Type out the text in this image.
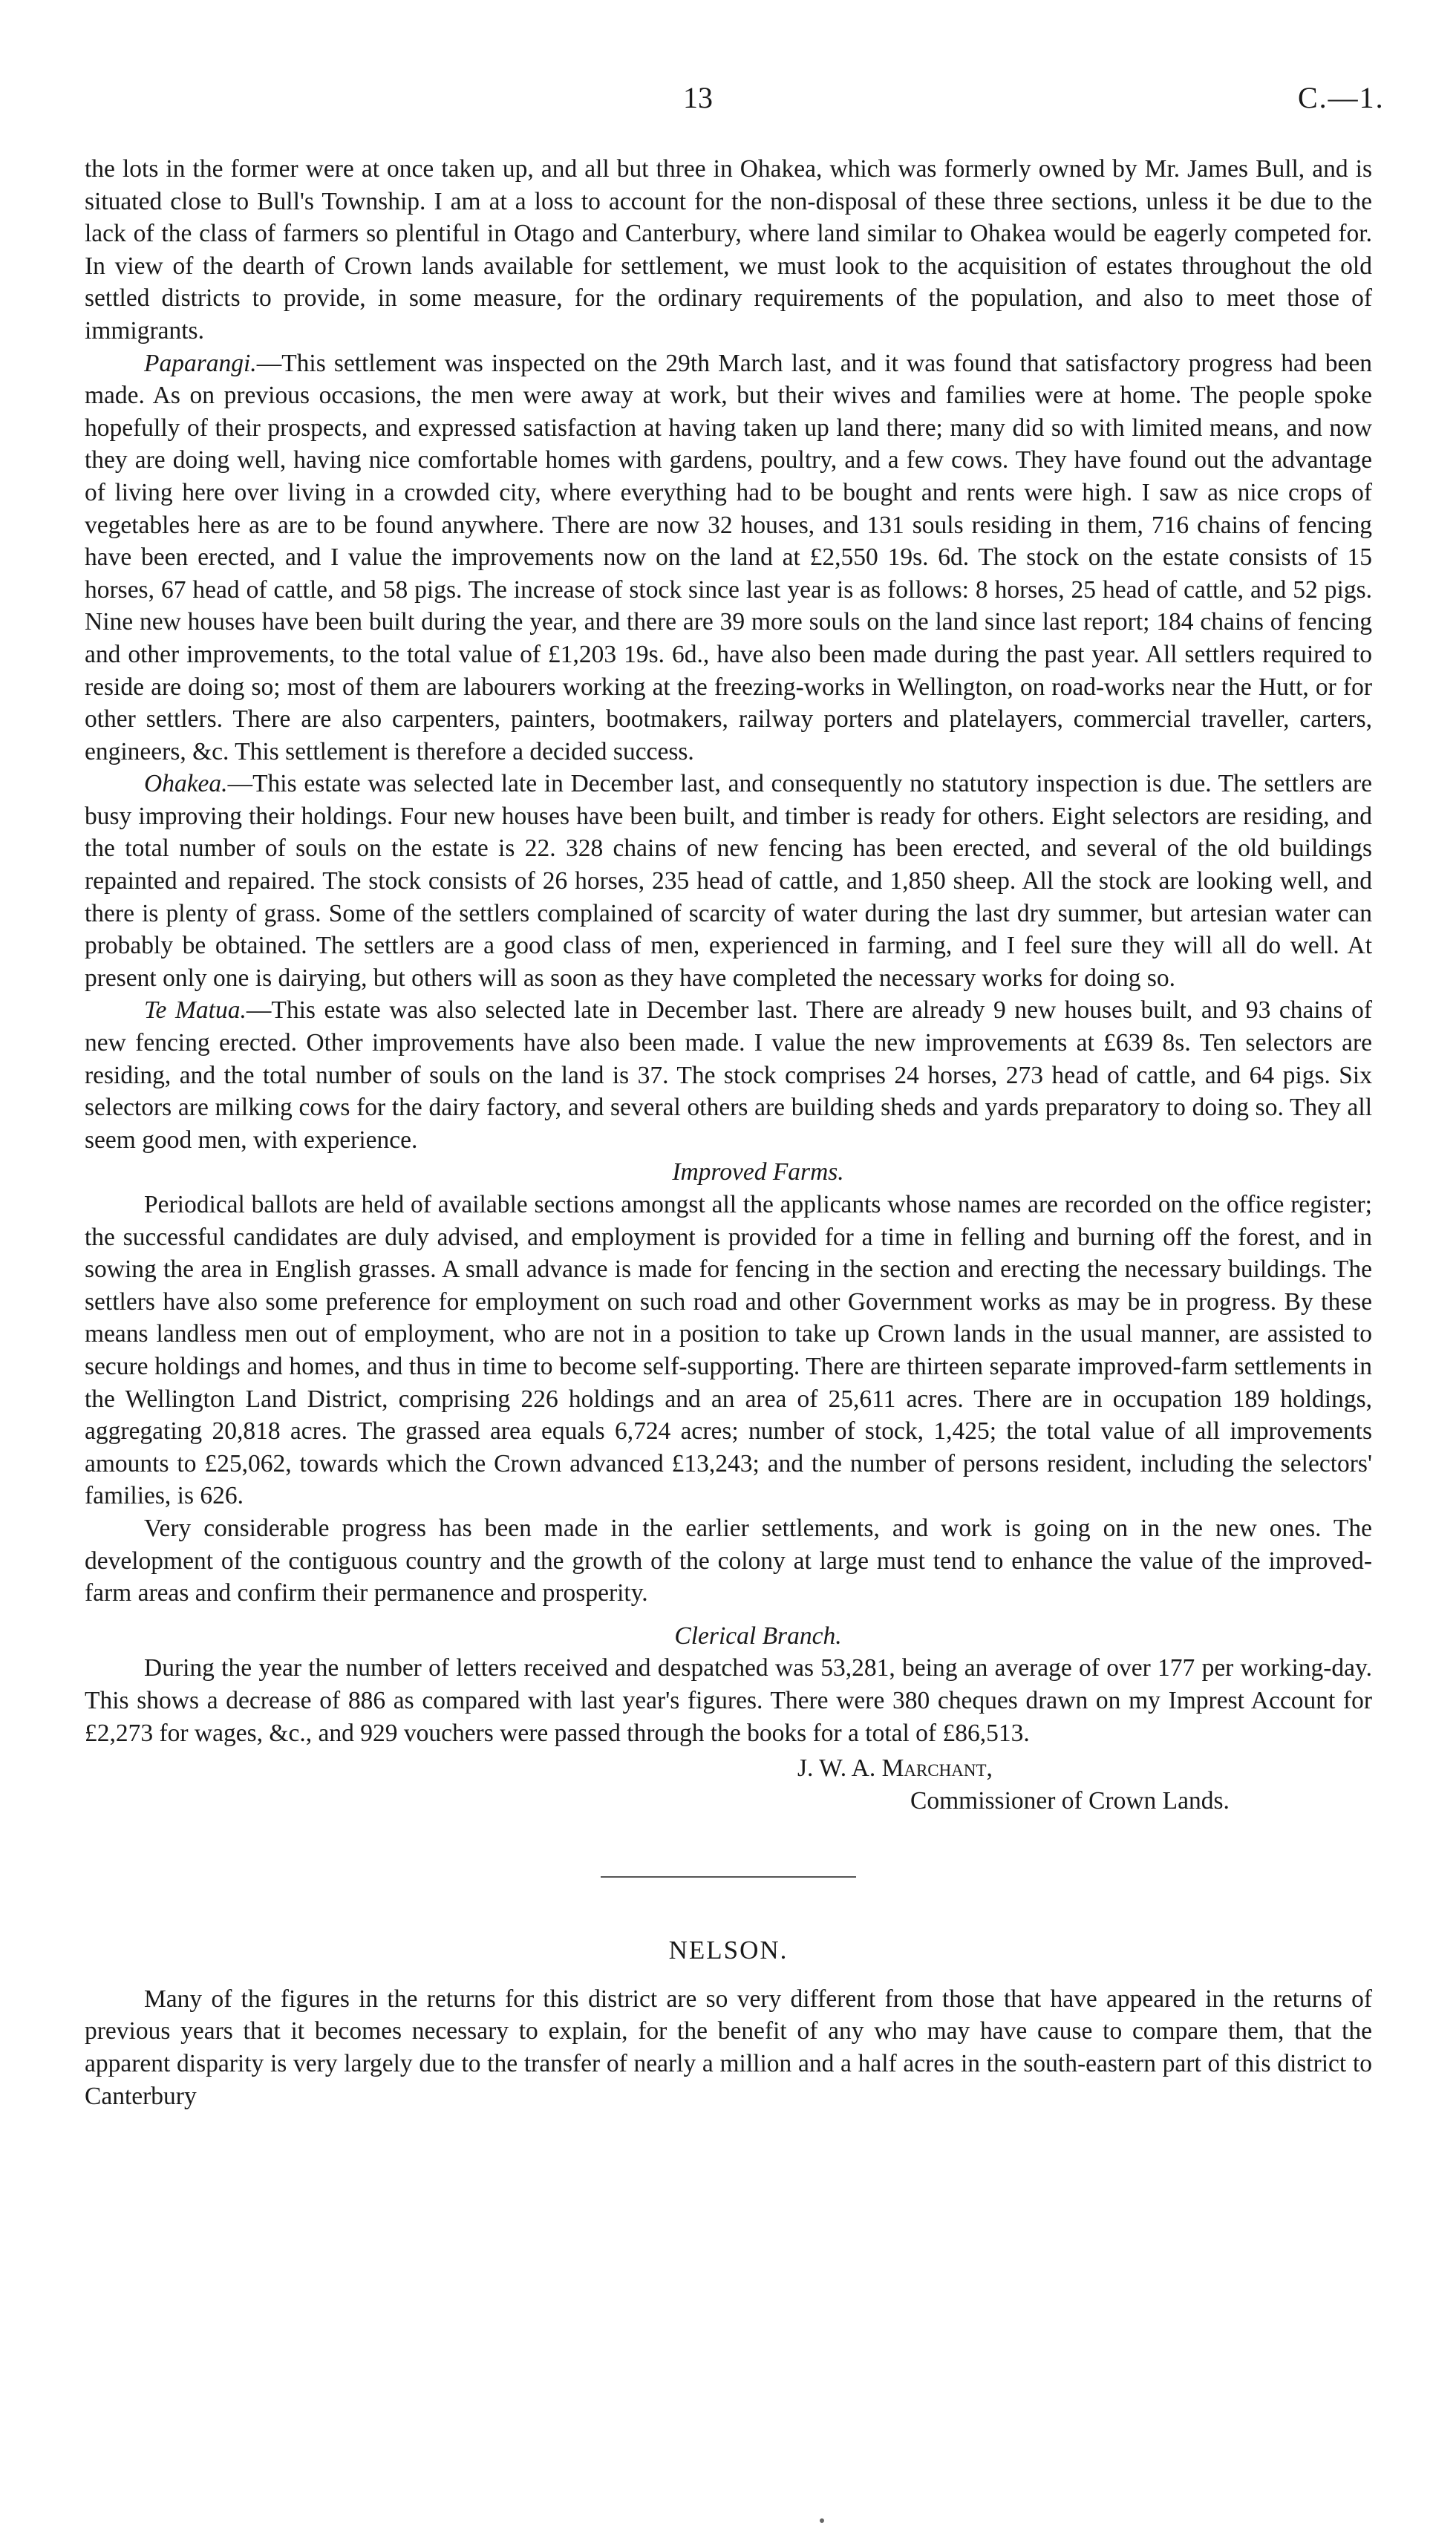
13	C.—1.

the lots in the former were at once taken up, and all but three in Ohakea, which was formerly owned by Mr. James Bull, and is situated close to Bull's Township. I am at a loss to account for the non-disposal of these three sections, unless it be due to the lack of the class of farmers so plentiful in Otago and Canterbury, where land similar to Ohakea would be eagerly competed for. In view of the dearth of Crown lands available for settlement, we must look to the acquisition of estates throughout the old settled districts to provide, in some measure, for the ordinary requirements of the population, and also to meet those of immigrants.

Paparangi.—This settlement was inspected on the 29th March last, and it was found that satisfactory progress had been made. As on previous occasions, the men were away at work, but their wives and families were at home. The people spoke hopefully of their prospects, and expressed satisfaction at having taken up land there; many did so with limited means, and now they are doing well, having nice comfortable homes with gardens, poultry, and a few cows. They have found out the advantage of living here over living in a crowded city, where everything had to be bought and rents were high. I saw as nice crops of vegetables here as are to be found anywhere. There are now 32 houses, and 131 souls residing in them, 716 chains of fencing have been erected, and I value the improvements now on the land at £2,550 19s. 6d. The stock on the estate consists of 15 horses, 67 head of cattle, and 58 pigs. The increase of stock since last year is as follows: 8 horses, 25 head of cattle, and 52 pigs. Nine new houses have been built during the year, and there are 39 more souls on the land since last report; 184 chains of fencing and other improvements, to the total value of £1,203 19s. 6d., have also been made during the past year. All settlers required to reside are doing so; most of them are labourers working at the freezing-works in Wellington, on road-works near the Hutt, or for other settlers. There are also carpenters, painters, bootmakers, railway porters and platelayers, commercial traveller, carters, engineers, &c. This settlement is therefore a decided success.

Ohakea.—This estate was selected late in December last, and consequently no statutory inspection is due. The settlers are busy improving their holdings. Four new houses have been built, and timber is ready for others. Eight selectors are residing, and the total number of souls on the estate is 22. 328 chains of new fencing has been erected, and several of the old buildings repainted and repaired. The stock consists of 26 horses, 235 head of cattle, and 1,850 sheep. All the stock are looking well, and there is plenty of grass. Some of the settlers complained of scarcity of water during the last dry summer, but artesian water can probably be obtained. The settlers are a good class of men, experienced in farming, and I feel sure they will all do well. At present only one is dairying, but others will as soon as they have completed the necessary works for doing so.

Te Matua.—This estate was also selected late in December last. There are already 9 new houses built, and 93 chains of new fencing erected. Other improvements have also been made. I value the new improvements at £639 8s. Ten selectors are residing, and the total number of souls on the land is 37. The stock comprises 24 horses, 273 head of cattle, and 64 pigs. Six selectors are milking cows for the dairy factory, and several others are building sheds and yards preparatory to doing so. They all seem good men, with experience.

Improved Farms.

Periodical ballots are held of available sections amongst all the applicants whose names are recorded on the office register; the successful candidates are duly advised, and employment is provided for a time in felling and burning off the forest, and in sowing the area in English grasses. A small advance is made for fencing in the section and erecting the necessary buildings. The settlers have also some preference for employment on such road and other Government works as may be in progress. By these means landless men out of employment, who are not in a position to take up Crown lands in the usual manner, are assisted to secure holdings and homes, and thus in time to become self-supporting. There are thirteen separate improved-farm settlements in the Wellington Land District, comprising 226 holdings and an area of 25,611 acres. There are in occupation 189 holdings, aggregating 20,818 acres. The grassed area equals 6,724 acres; number of stock, 1,425; the total value of all improvements amounts to £25,062, towards which the Crown advanced £13,243; and the number of persons resident, including the selectors' families, is 626.

Very considerable progress has been made in the earlier settlements, and work is going on in the new ones. The development of the contiguous country and the growth of the colony at large must tend to enhance the value of the improved-farm areas and confirm their permanence and prosperity.

Clerical Branch.

During the year the number of letters received and despatched was 53,281, being an average of over 177 per working-day. This shows a decrease of 886 as compared with last year's figures. There were 380 cheques drawn on my Imprest Account for £2,273 for wages, &c., and 929 vouchers were passed through the books for a total of £86,513.

J. W. A. Marchant,
Commissioner of Crown Lands.
NELSON.

Many of the figures in the returns for this district are so very different from those that have appeared in the returns of previous years that it becomes necessary to explain, for the benefit of any who may have cause to compare them, that the apparent disparity is very largely due to the transfer of nearly a million and a half acres in the south-eastern part of this district to Canterbury
